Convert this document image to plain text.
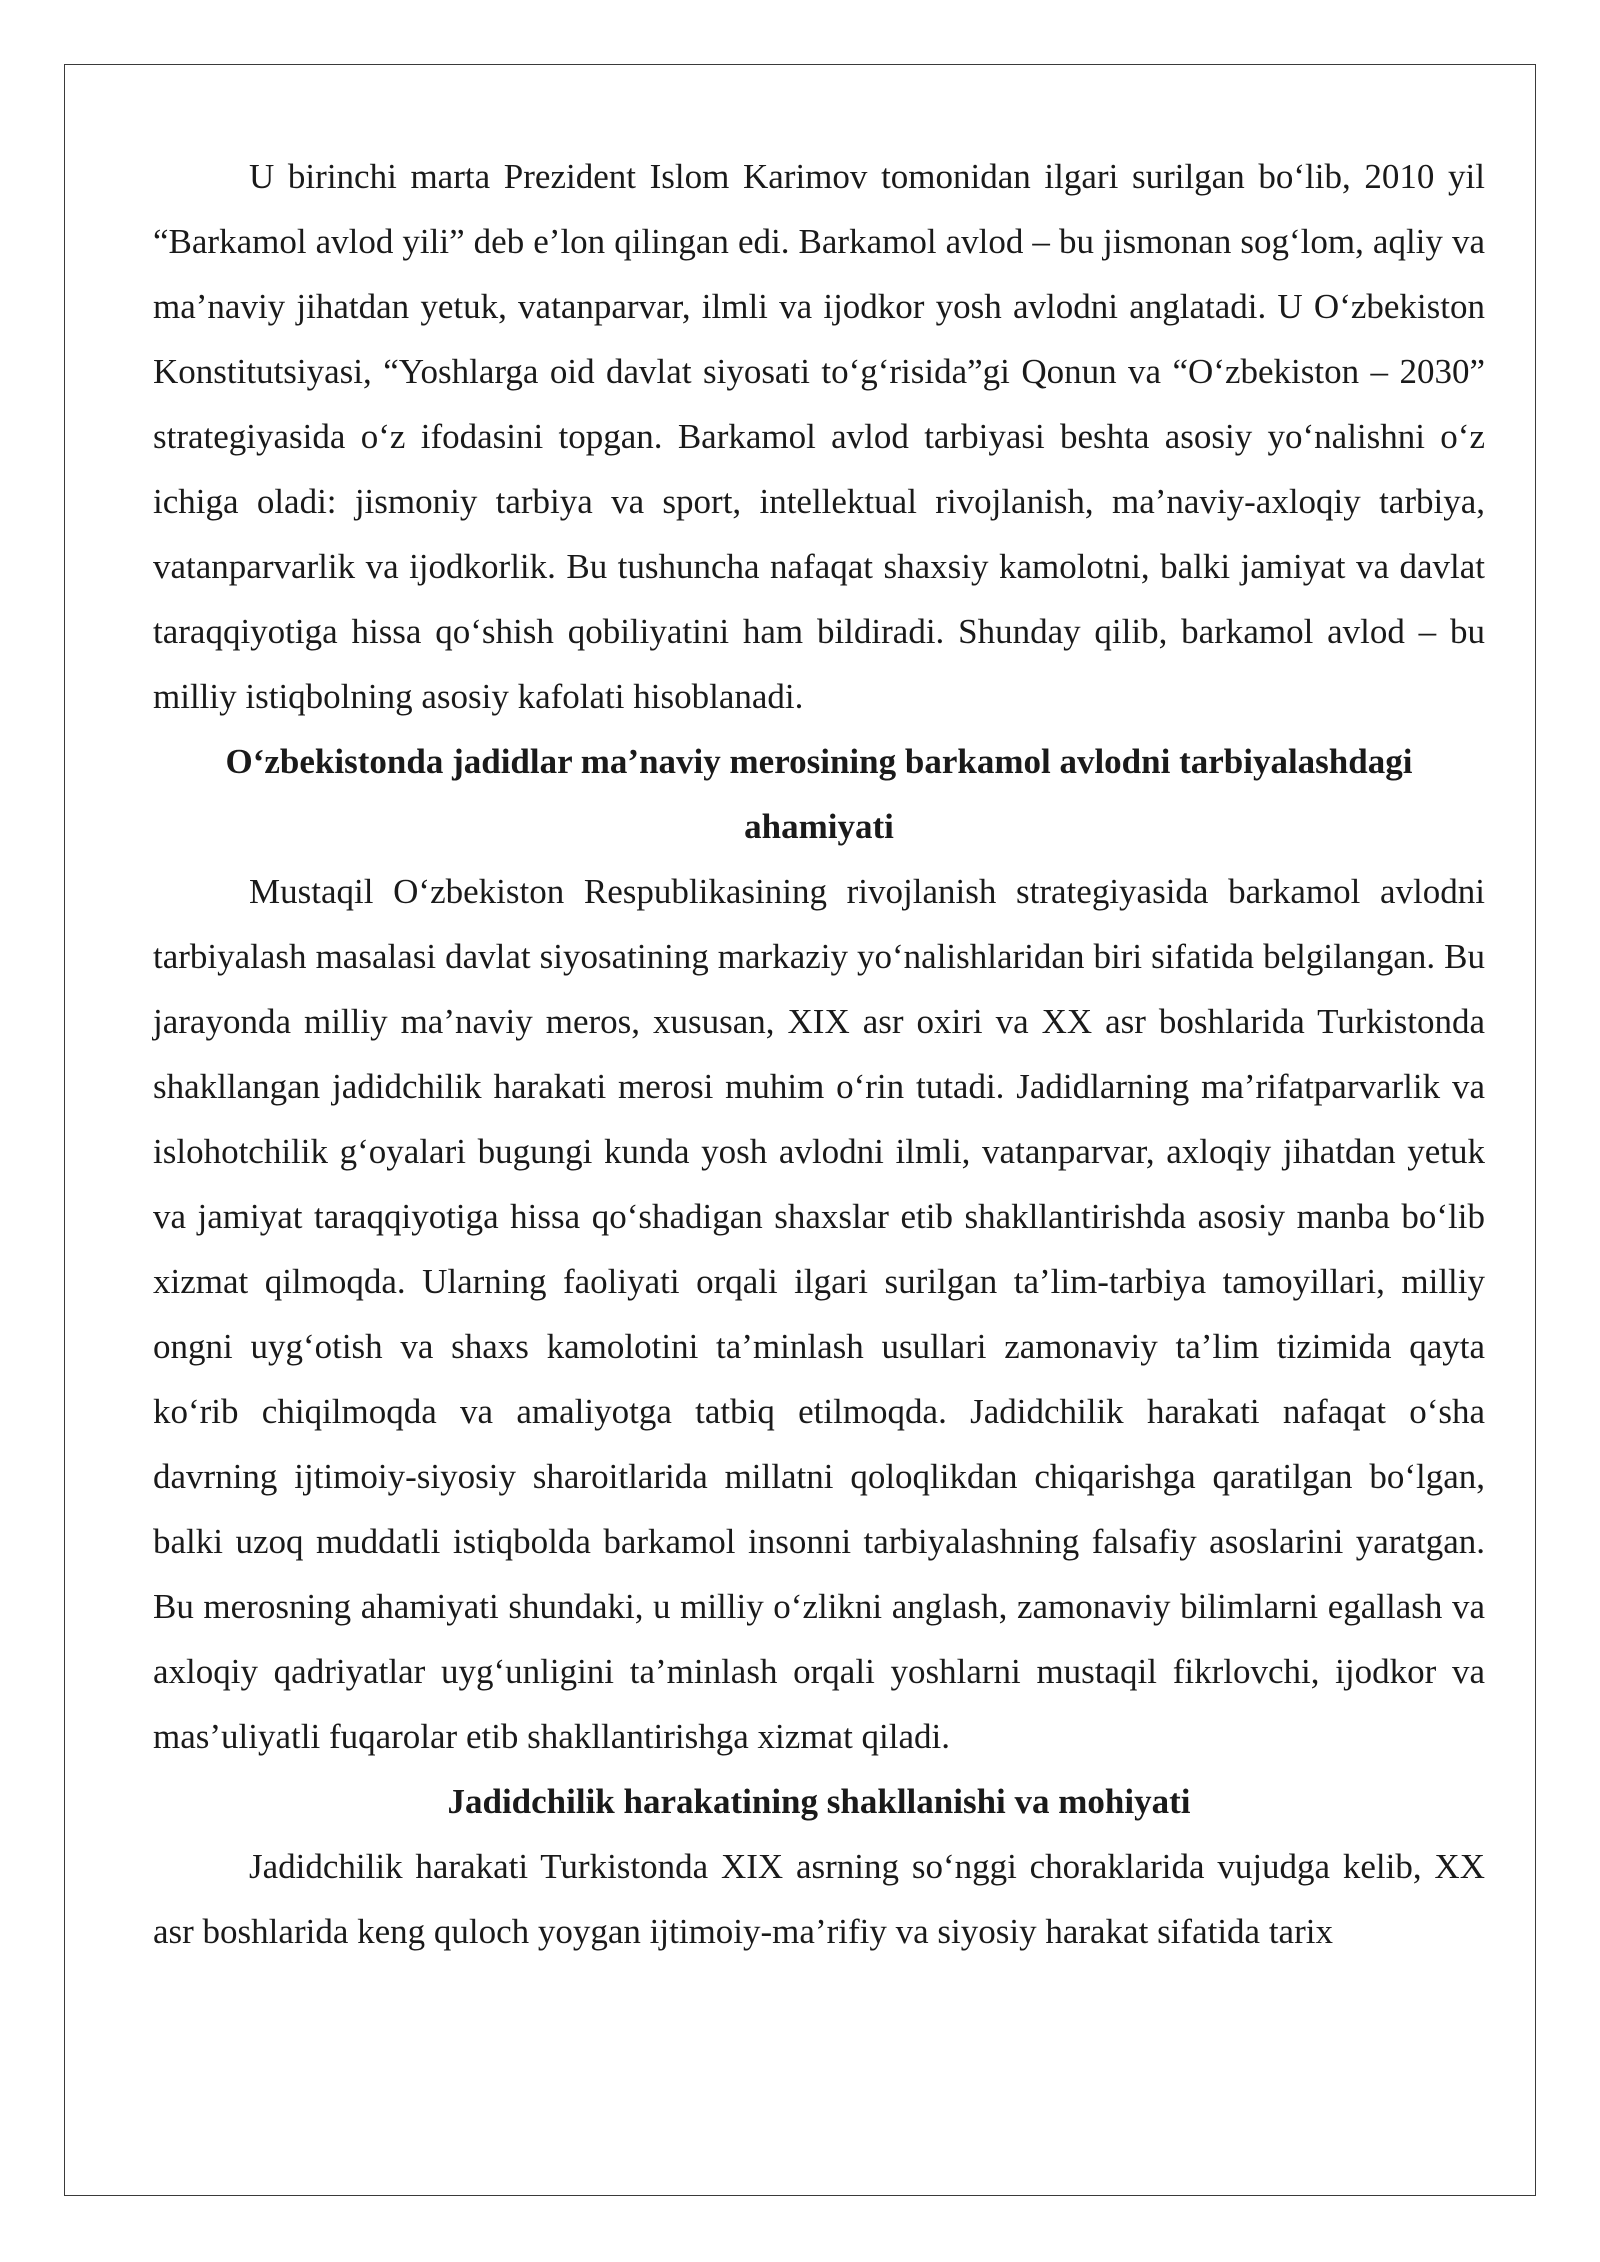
U birinchi marta Prezident Islom Karimov tomonidan ilgari surilgan bo‘lib, 2010 yil “Barkamol avlod yili” deb e’lon qilingan edi. Barkamol avlod – bu jismonan sog‘lom, aqliy va ma’naviy jihatdan yetuk, vatanparvar, ilmli va ijodkor yosh avlodni anglatadi. U O‘zbekiston Konstitutsiyasi, “Yoshlarga oid davlat siyosati to‘g‘risida”gi Qonun va “O‘zbekiston – 2030” strategiyasida o‘z ifodasini topgan. Barkamol avlod tarbiyasi beshta asosiy yo‘nalishni o‘z ichiga oladi: jismoniy tarbiya va sport, intellektual rivojlanish, ma’naviy-axloqiy tarbiya, vatanparvarlik va ijodkorlik. Bu tushuncha nafaqat shaxsiy kamolotni, balki jamiyat va davlat taraqqiyotiga hissa qo‘shish qobiliyatini ham bildiradi. Shunday qilib, barkamol avlod – bu milliy istiqbolning asosiy kafolati hisoblanadi.

O‘zbekistonda jadidlar ma’naviy merosining barkamol avlodni tarbiyalashdagi ahamiyati

Mustaqil O‘zbekiston Respublikasining rivojlanish strategiyasida barkamol avlodni tarbiyalash masalasi davlat siyosatining markaziy yo‘nalishlaridan biri sifatida belgilangan. Bu jarayonda milliy ma’naviy meros, xususan, XIX asr oxiri va XX asr boshlarida Turkistonda shakllangan jadidchilik harakati merosi muhim o‘rin tutadi. Jadidlarning ma’rifatparvarlik va islohotchilik g‘oyalari bugungi kunda yosh avlodni ilmli, vatanparvar, axloqiy jihatdan yetuk va jamiyat taraqqiyotiga hissa qo‘shadigan shaxslar etib shakllantirishda asosiy manba bo‘lib xizmat qilmoqda. Ularning faoliyati orqali ilgari surilgan ta’lim-tarbiya tamoyillari, milliy ongni uyg‘otish va shaxs kamolotini ta’minlash usullari zamonaviy ta’lim tizimida qayta ko‘rib chiqilmoqda va amaliyotga tatbiq etilmoqda. Jadidchilik harakati nafaqat o‘sha davrning ijtimoiy-siyosiy sharoitlarida millatni qoloqlikdan chiqarishga qaratilgan bo‘lgan, balki uzoq muddatli istiqbolda barkamol insonni tarbiyalashning falsafiy asoslarini yaratgan. Bu merosning ahamiyati shundaki, u milliy o‘zlikni anglash, zamonaviy bilimlarni egallash va axloqiy qadriyatlar uyg‘unligini ta’minlash orqali yoshlarni mustaqil fikrlovchi, ijodkor va mas’uliyatli fuqarolar etib shakllantirishga xizmat qiladi.

Jadidchilik harakatining shakllanishi va mohiyati

Jadidchilik harakati Turkistonda XIX asrning so‘nggi choraklarida vujudga kelib, XX asr boshlarida keng quloch yoygan ijtimoiy-ma’rifiy va siyosiy harakat sifatida tarix
